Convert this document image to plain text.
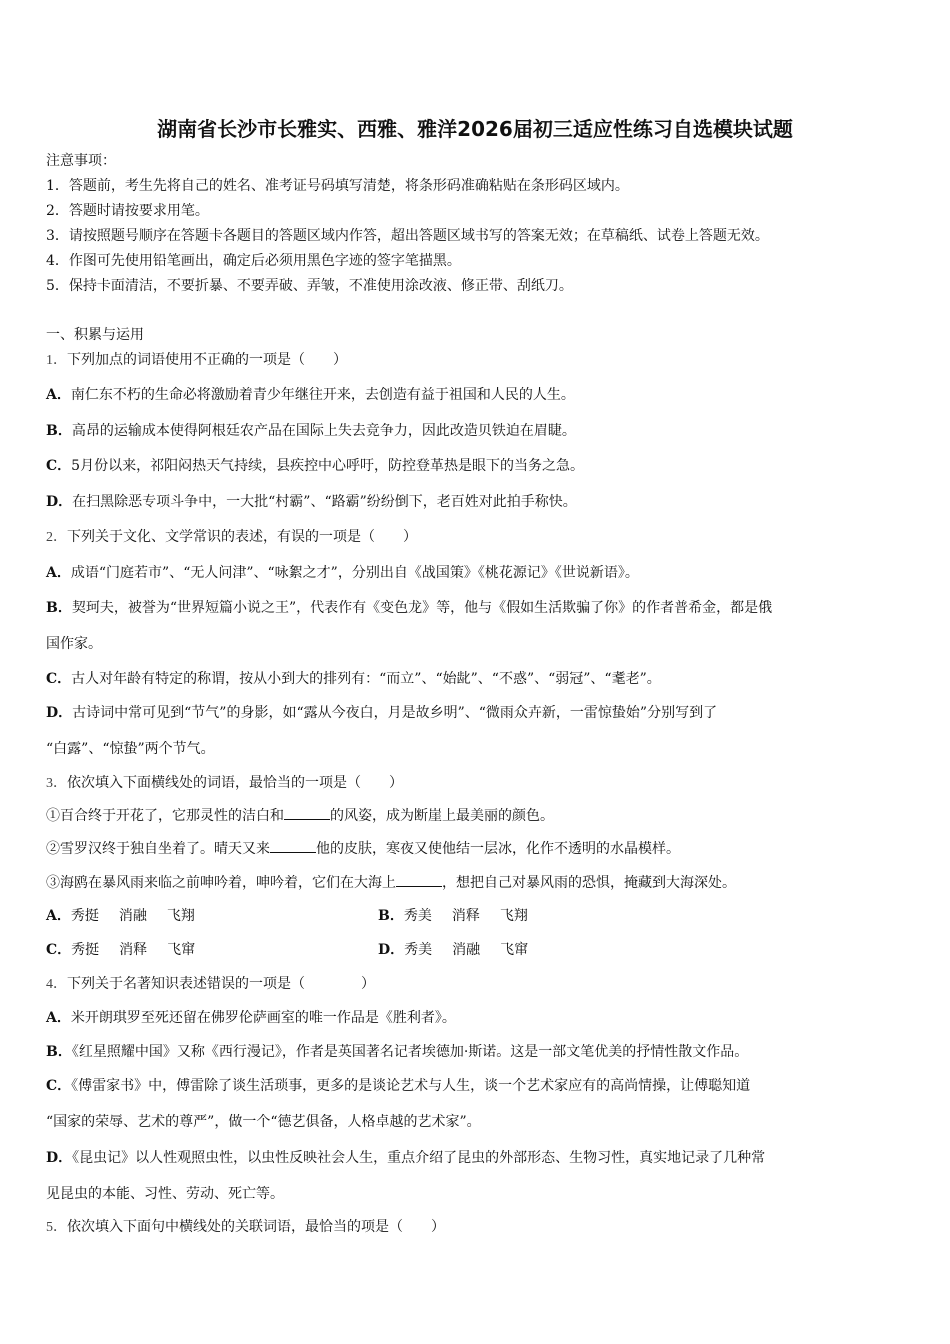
湖南省长沙市长雅实、西雅、雅洋2026届初三适应性练习自选模块试题
注意事项：
1．答题前，考生先将自己的姓名、准考证号码填写清楚，将条形码准确粘贴在条形码区域内。
2．答题时请按要求用笔。
3．请按照题号顺序在答题卡各题目的答题区域内作答，超出答题区域书写的答案无效；在草稿纸、试卷上答题无效。
4．作图可先使用铅笔画出，确定后必须用黑色字迹的签字笔描黑。
5．保持卡面清洁，不要折暴、不要弄破、弄皱，不准使用涂改液、修正带、刮纸刀。
一、积累与运用
1．下列加点的词语使用不正确的一项是（　　）
A．南仁东不朽的生命必将激励着青少年继往开来，去创造有益于祖国和人民的人生。
B．高昂的运输成本使得阿根廷农产品在国际上失去竞争力，因此改造贝铁迫在眉睫。
C．5月份以来，祁阳闷热天气持续，县疾控中心呼吁，防控登革热是眼下的当务之急。
D．在扫黑除恶专项斗争中，一大批“村霸”、“路霸”纷纷倒下，老百姓对此拍手称快。
2．下列关于文化、文学常识的表述，有误的一项是（　　）
A．成语“门庭若市”、“无人问津”、“咏絮之才”，分别出自《战国策》《桃花源记》《世说新语》。
B．契珂夫，被誉为“世界短篇小说之王”，代表作有《变色龙》等，他与《假如生活欺骗了你》的作者普希金，都是俄
国作家。
C．古人对年龄有特定的称谓，按从小到大的排列有：“而立”、“始龀”、“不惑”、“弱冠”、“耄老”。
D．古诗词中常可见到“节气”的身影，如“露从今夜白，月是故乡明”、“微雨众卉新，一雷惊蛰始”分别写到了
“白露”、“惊蛰”两个节气。
3．依次填入下面横线处的词语，最恰当的一项是（　　）
①百合终于开花了，它那灵性的洁白和	的风姿，成为断崖上最美丽的颜色。
②雪罗汉终于独自坐着了。晴天又来	他的皮肤，寒夜又使他结一层冰，化作不透明的水晶模样。
③海鸥在暴风雨来临之前呻吟着，呻吟着，它们在大海上	，想把自己对暴风雨的恐惧，掩藏到大海深处。
A．秀挺 消融 飞翔	B．秀美 消释 飞翔
C．秀挺 消释 飞窜	D．秀美 消融 飞窜
4．下列关于名著知识表述错误的一项是（　　　　）
A．米开朗琪罗至死还留在佛罗伦萨画室的唯一作品是《胜利者》。
B．《红星照耀中国》又称《西行漫记》，作者是英国著名记者埃德加·斯诺。这是一部文笔优美的抒情性散文作品。
C．《傅雷家书》中，傅雷除了谈生活琐事，更多的是谈论艺术与人生，谈一个艺术家应有的高尚情操，让傅聪知道
“国家的荣辱、艺术的尊严”，做一个“德艺俱备，人格卓越的艺术家”。
D．《昆虫记》以人性观照虫性，以虫性反映社会人生，重点介绍了昆虫的外部形态、生物习性，真实地记录了几种常
见昆虫的本能、习性、劳动、死亡等。
5．依次填入下面句中横线处的关联词语，最恰当的项是（　　）
